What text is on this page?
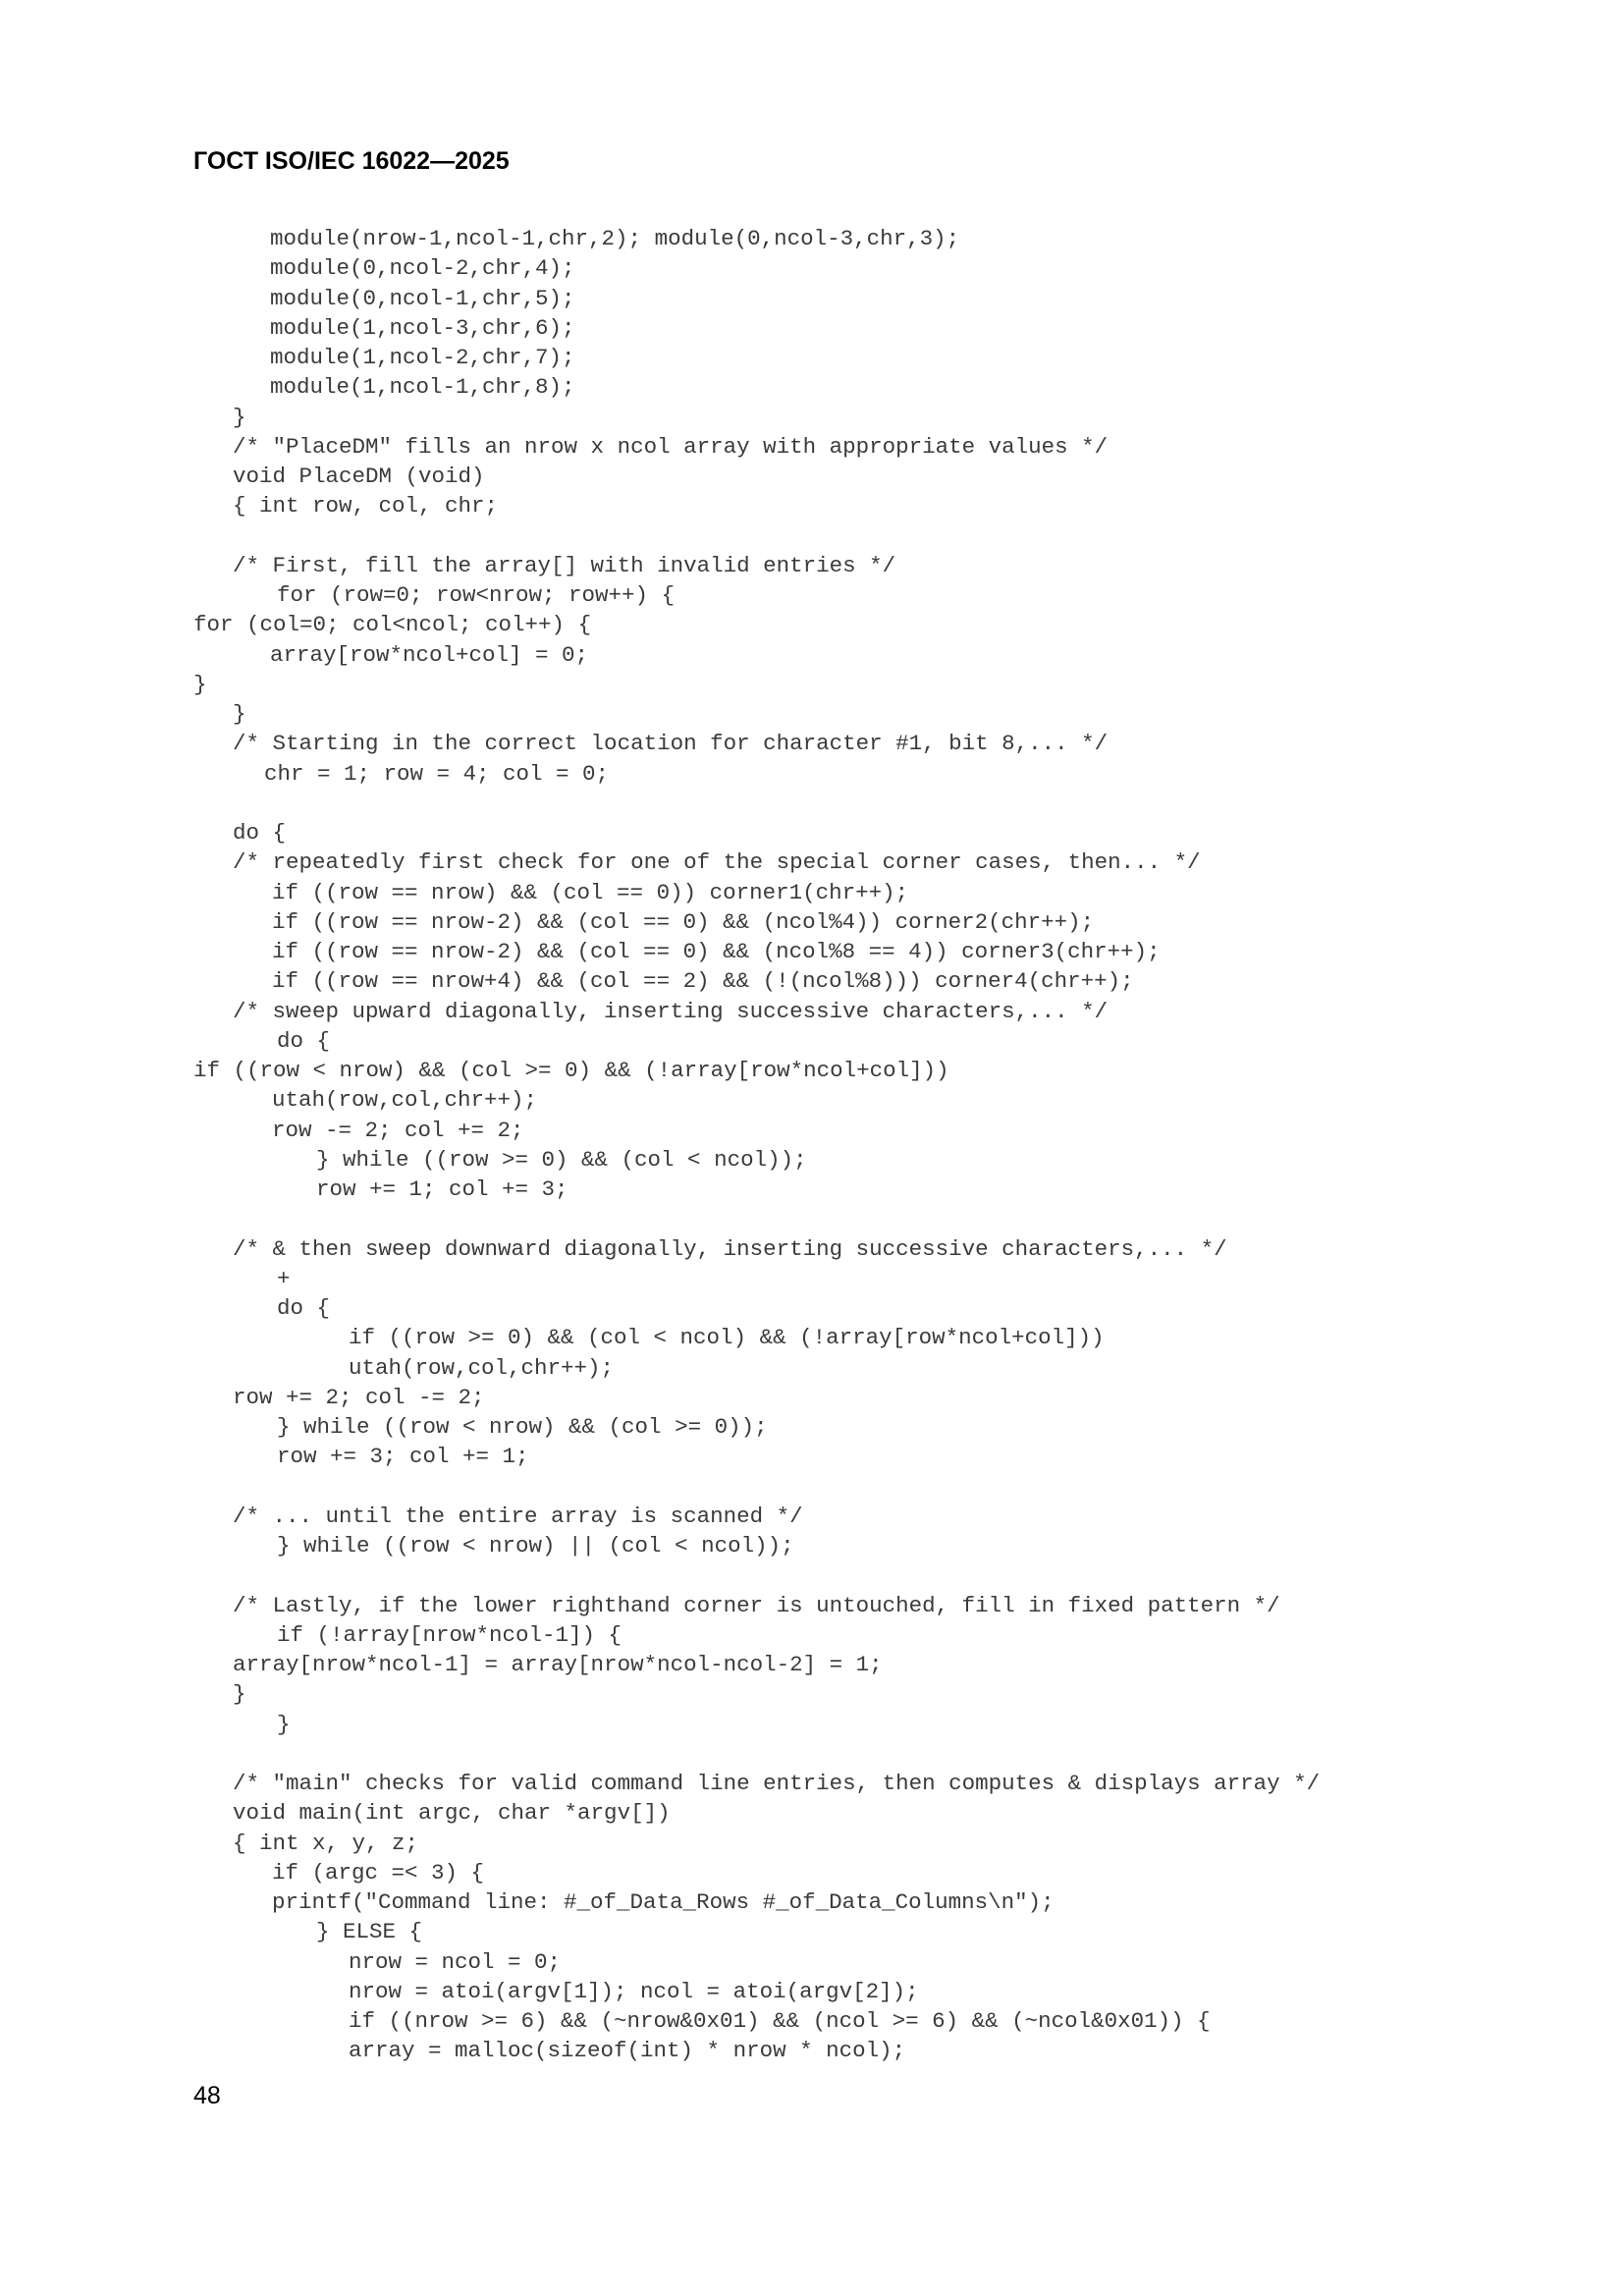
ГОСТ ISO/IEC 16022—2025
module(nrow-1,ncol-1,chr,2); module(0,ncol-3,chr,3);
module(0,ncol-2,chr,4);
module(0,ncol-1,chr,5);
module(1,ncol-3,chr,6);
module(1,ncol-2,chr,7);
module(1,ncol-1,chr,8);
}
/* "PlaceDM" fills an nrow x ncol array with appropriate values */
void PlaceDM (void)
{ int row, col, chr;
/* First, fill the array[] with invalid entries */
for (row=0; row<nrow; row++) {
for (col=0; col<ncol; col++) {
array[row*ncol+col] = 0;
}
}
/* Starting in the correct location for character #1, bit 8,... */
chr = 1; row = 4; col = 0;
do {
/* repeatedly first check for one of the special corner cases, then... */
if ((row == nrow) && (col == 0)) corner1(chr++);
if ((row == nrow-2) && (col == 0) && (ncol%4)) corner2(chr++);
if ((row == nrow-2) && (col == 0) && (ncol%8 == 4)) corner3(chr++);
if ((row == nrow+4) && (col == 2) && (!(ncol%8))) corner4(chr++);
/* sweep upward diagonally, inserting successive characters,... */
do {
if ((row < nrow) && (col >= 0) && (!array[row*ncol+col]))
utah(row,col,chr++);
row -= 2; col += 2;
} while ((row >= 0) && (col < ncol));
row += 1; col += 3;
/* & then sweep downward diagonally, inserting successive characters,... */
+
do {
if ((row >= 0) && (col < ncol) && (!array[row*ncol+col]))
utah(row,col,chr++);
row += 2; col -= 2;
} while ((row < nrow) && (col >= 0));
row += 3; col += 1;
/* ... until the entire array is scanned */
} while ((row < nrow) || (col < ncol));
/* Lastly, if the lower righthand corner is untouched, fill in fixed pattern */
if (!array[nrow*ncol-1]) {
array[nrow*ncol-1] = array[nrow*ncol-ncol-2] = 1;
}
}
/* "main" checks for valid command line entries, then computes & displays array */
void main(int argc, char *argv[])
{ int x, y, z;
if (argc =< 3) {
printf("Command line: #_of_Data_Rows #_of_Data_Columns\n");
} ELSE {
nrow = ncol = 0;
nrow = atoi(argv[1]); ncol = atoi(argv[2]);
if ((nrow >= 6) && (~nrow&0x01) && (ncol >= 6) && (~ncol&0x01)) {
array = malloc(sizeof(int) * nrow * ncol);
48
